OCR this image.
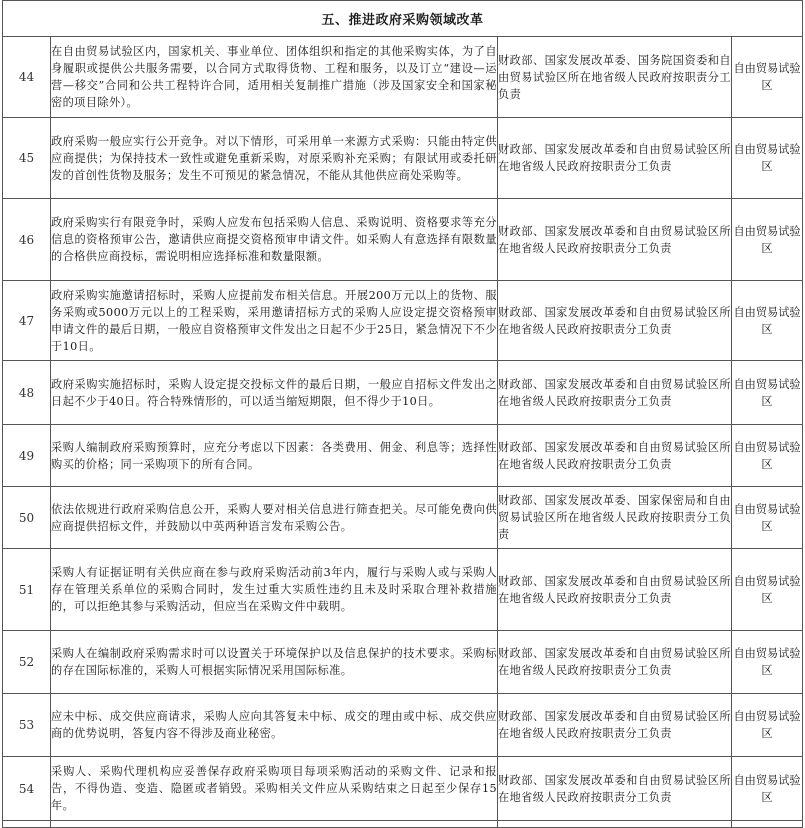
五、推进政府采购领域改革			
44	在自由贸易试验区内，国家机关、事业单位、团体组织和指定的其他采购实体，为了自身履职或提供公共服务需要，以合同方式取得货物、工程和服务，以及订立“建设—运营—移交”合同和公共工程特许合同，适用相关复制推广措施（涉及国家安全和国家秘密的项目除外）。	财政部、国家发展改革委、国务院国资委和自由贸易试验区所在地省级人民政府按职责分工负责	自由贸易试验区
45	政府采购一般应实行公开竞争。对以下情形，可采用单一来源方式采购：只能由特定供应商提供；为保持技术一致性或避免重新采购，对原采购补充采购；有限试用或委托研发的首创性货物及服务；发生不可预见的紧急情况，不能从其他供应商处采购等。	财政部、国家发展改革委和自由贸易试验区所在地省级人民政府按职责分工负责	自由贸易试验区
46	政府采购实行有限竞争时，采购人应发布包括采购人信息、采购说明、资格要求等充分信息的资格预审公告，邀请供应商提交资格预审申请文件。如采购人有意选择有限数量的合格供应商投标，需说明相应选择标准和数量限额。	财政部、国家发展改革委和自由贸易试验区所在地省级人民政府按职责分工负责	自由贸易试验区
47	政府采购实施邀请招标时，采购人应提前发布相关信息。开展200万元以上的货物、服务采购或5000万元以上的工程采购，采用邀请招标方式的采购人应设定提交资格预审申请文件的最后日期，一般应自资格预审文件发出之日起不少于25日，紧急情况下不少于10日。	财政部、国家发展改革委和自由贸易试验区所在地省级人民政府按职责分工负责	自由贸易试验区
48	政府采购实施招标时，采购人设定提交投标文件的最后日期，一般应自招标文件发出之日起不少于40日。符合特殊情形的，可以适当缩短期限，但不得少于10日。	财政部、国家发展改革委和自由贸易试验区所在地省级人民政府按职责分工负责	自由贸易试验区
49	采购人编制政府采购预算时，应充分考虑以下因素：各类费用、佣金、利息等；选择性购买的价格；同一采购项下的所有合同。	财政部、国家发展改革委和自由贸易试验区所在地省级人民政府按职责分工负责	自由贸易试验区
50	依法依规进行政府采购信息公开，采购人要对相关信息进行筛查把关。尽可能免费向供应商提供招标文件，并鼓励以中英两种语言发布采购公告。	财政部、国家发展改革委、国家保密局和自由贸易试验区所在地省级人民政府按职责分工负责	自由贸易试验区
51	采购人有证据证明有关供应商在参与政府采购活动前3年内，履行与采购人或与采购人存在管理关系单位的采购合同时，发生过重大实质性违约且未及时采取合理补救措施的，可以拒绝其参与采购活动，但应当在采购文件中载明。	财政部、国家发展改革委和自由贸易试验区所在地省级人民政府按职责分工负责	自由贸易试验区
52	采购人在编制政府采购需求时可以设置关于环境保护以及信息保护的技术要求。采购标的存在国际标准的，采购人可根据实际情况采用国际标准。	财政部、国家发展改革委和自由贸易试验区所在地省级人民政府按职责分工负责	自由贸易试验区
53	应未中标、成交供应商请求，采购人应向其答复未中标、成交的理由或中标、成交供应商的优势说明，答复内容不得涉及商业秘密。	财政部、国家发展改革委和自由贸易试验区所在地省级人民政府按职责分工负责	自由贸易试验区
54	采购人、采购代理机构应妥善保存政府采购项目每项采购活动的采购文件、记录和报告，不得伪造、变造、隐匿或者销毁。采购相关文件应从采购结束之日起至少保存15年。	财政部、国家发展改革委和自由贸易试验区所在地省级人民政府按职责分工负责	自由贸易试验区
